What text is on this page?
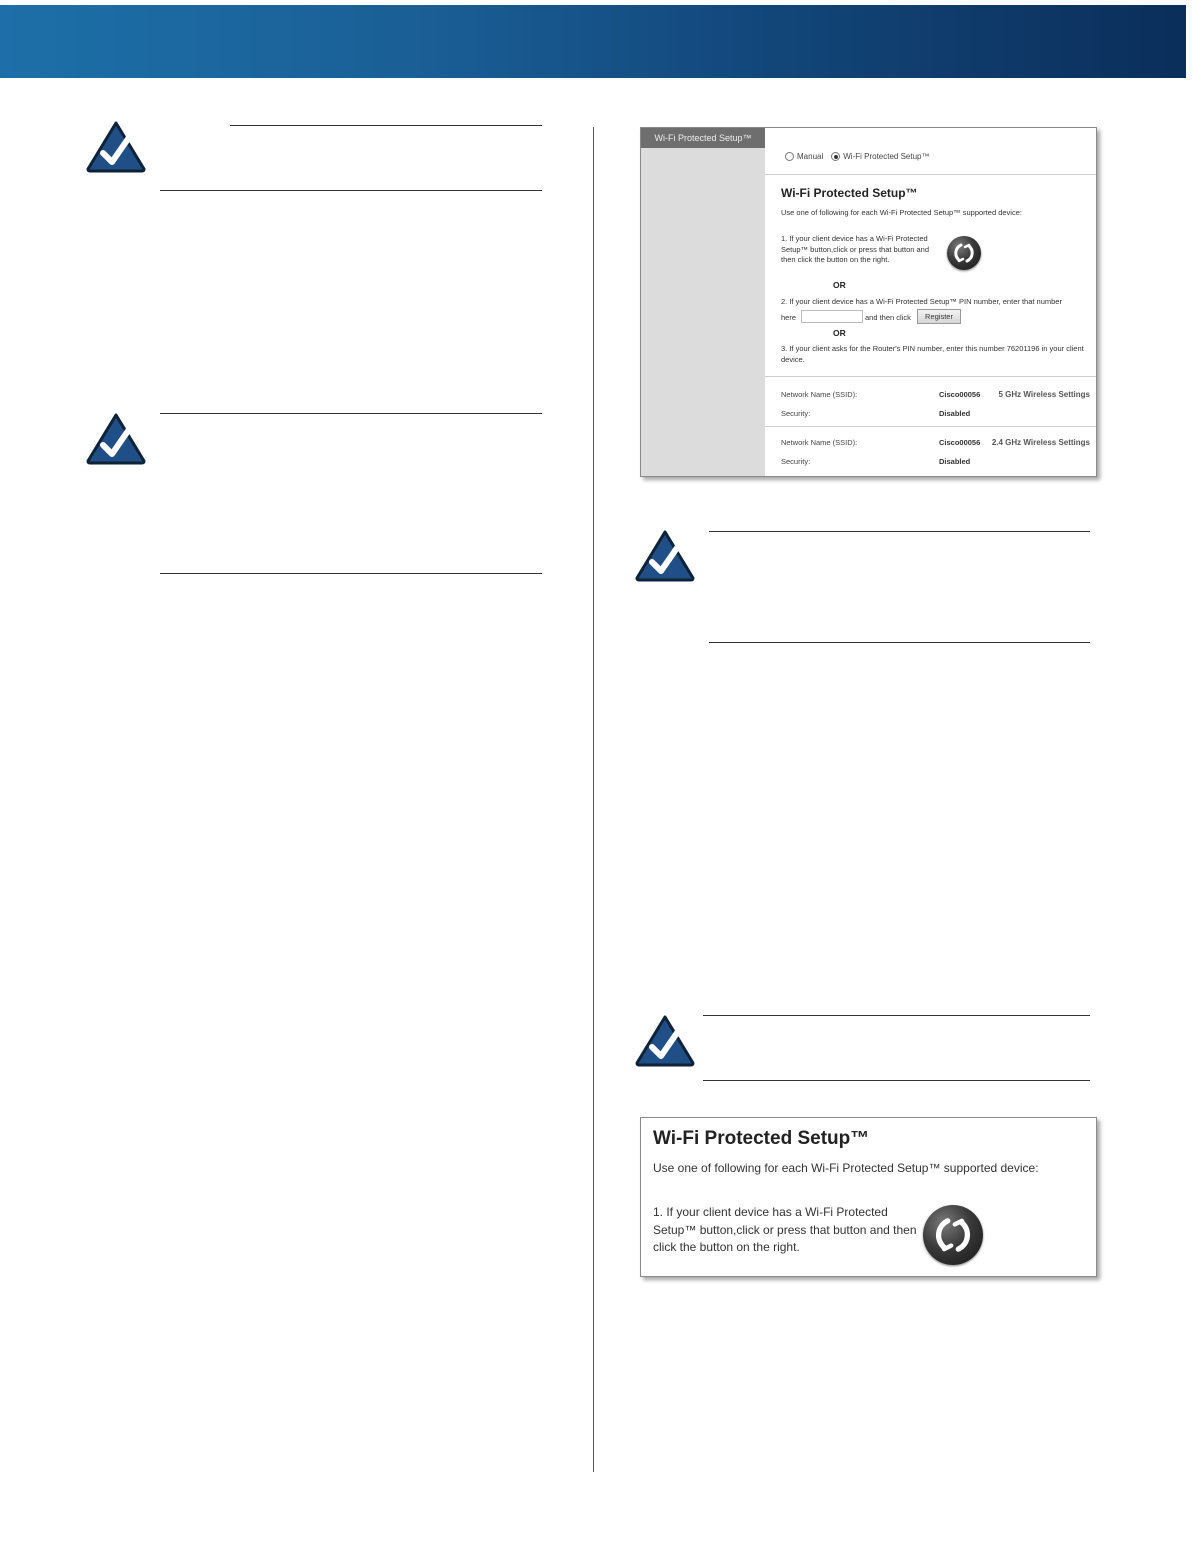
Wi-Fi Protected Setup™
5 GHz Wireless Settings
2.4 GHz Wireless Settings
Manual	Wi-Fi Protected Setup™
Wi-Fi Protected Setup™
Use one of following for each Wi-Fi Protected Setup™ supported device:
1. If your client device has a Wi-Fi Protected Setup™ button,click or press that button and then click the button on the right.
OR
2. If your client device has a Wi-Fi Protected Setup™ PIN number, enter that number
here	and then click	Register
OR
3. If your client asks for the Router's PIN number, enter this number 76201196 in your client device.
Network Name (SSID):	Cisco00056
Security:	Disabled
Network Name (SSID):	Cisco00056
Security:	Disabled
Wi-Fi Protected Setup™
Use one of following for each Wi-Fi Protected Setup™ supported device:
1. If your client device has a Wi-Fi Protected Setup™ button,click or press that button and then click the button on the right.
